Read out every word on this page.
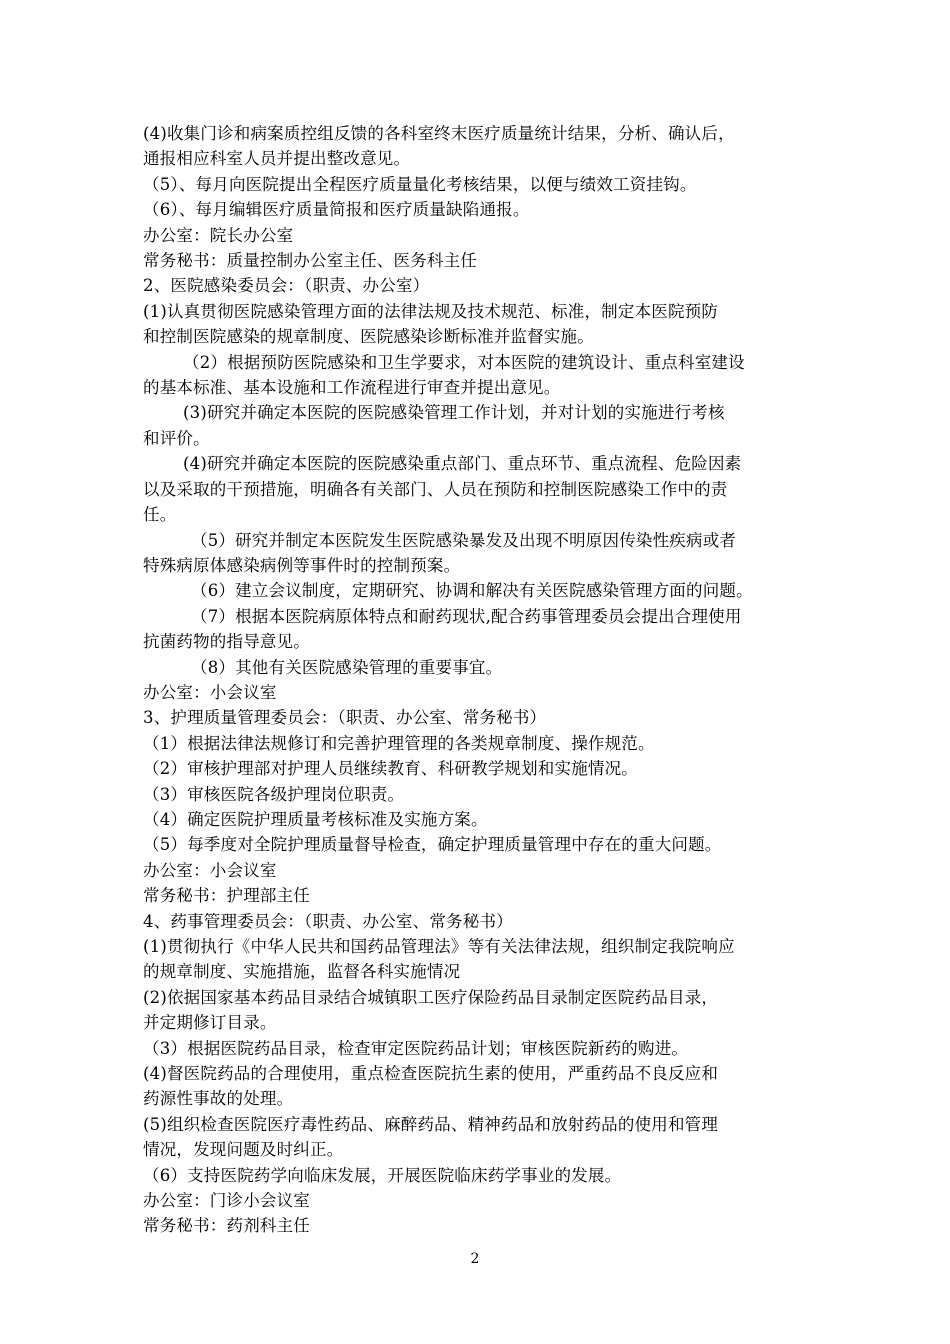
(4)收集门诊和病案质控组反馈的各科室终末医疗质量统计结果，分析、确认后，
通报相应科室人员并提出整改意见。
（5）、每月向医院提出全程医疗质量量化考核结果，以便与绩效工资挂钩。
（6）、每月编辑医疗质量简报和医疗质量缺陷通报。
办公室：院长办公室
常务秘书：质量控制办公室主任、医务科主任
2、医院感染委员会：（职责、办公室）
(1)认真贯彻医院感染管理方面的法律法规及技术规范、标准，制定本医院预防
和控制医院感染的规章制度、医院感染诊断标准并监督实施。
（2）根据预防医院感染和卫生学要求，对本医院的建筑设计、重点科室建设
的基本标准、基本设施和工作流程进行审查并提出意见。
(3)研究并确定本医院的医院感染管理工作计划，并对计划的实施进行考核
和评价。
(4)研究并确定本医院的医院感染重点部门、重点环节、重点流程、危险因素
以及采取的干预措施，明确各有关部门、人员在预防和控制医院感染工作中的责
任。
（5）研究并制定本医院发生医院感染暴发及出现不明原因传染性疾病或者
特殊病原体感染病例等事件时的控制预案。
（6）建立会议制度，定期研究、协调和解决有关医院感染管理方面的问题。
（7）根据本医院病原体特点和耐药现状,配合药事管理委员会提出合理使用
抗菌药物的指导意见。
（8）其他有关医院感染管理的重要事宜。
办公室：小会议室
3、护理质量管理委员会：（职责、办公室、常务秘书）
（1）根据法律法规修订和完善护理管理的各类规章制度、操作规范。
（2）审核护理部对护理人员继续教育、科研教学规划和实施情况。
（3）审核医院各级护理岗位职责。
（4）确定医院护理质量考核标准及实施方案。
（5）每季度对全院护理质量督导检查，确定护理质量管理中存在的重大问题。
办公室：小会议室
常务秘书：护理部主任
4、药事管理委员会：（职责、办公室、常务秘书）
(1)贯彻执行《中华人民共和国药品管理法》等有关法律法规，组织制定我院响应
的规章制度、实施措施，监督各科实施情况
(2)依据国家基本药品目录结合城镇职工医疗保险药品目录制定医院药品目录，
并定期修订目录。
（3）根据医院药品目录，检查审定医院药品计划；审核医院新药的购进。
(4)督医院药品的合理使用，重点检查医院抗生素的使用，严重药品不良反应和
药源性事故的处理。
(5)组织检查医院医疗毒性药品、麻醉药品、精神药品和放射药品的使用和管理
情况，发现问题及时纠正。
（6）支持医院药学向临床发展，开展医院临床药学事业的发展。
办公室：门诊小会议室
常务秘书：药剂科主任
2
